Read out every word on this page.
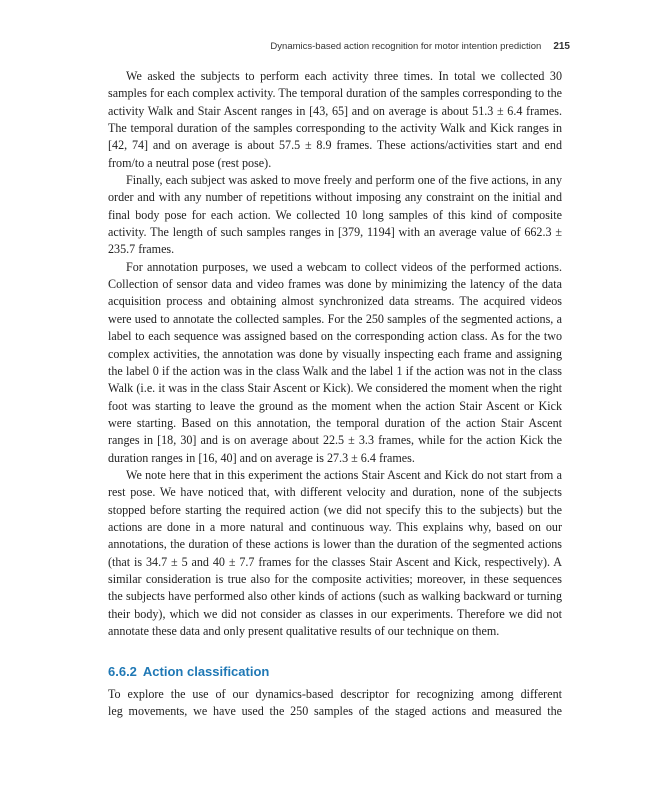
Dynamics-based action recognition for motor intention prediction 215

We asked the subjects to perform each activity three times. In total we collected 30 samples for each complex activity. The temporal duration of the samples corresponding to the activity Walk and Stair Ascent ranges in [43, 65] and on average is about 51.3 ± 6.4 frames. The temporal duration of the samples corresponding to the activity Walk and Kick ranges in [42, 74] and on average is about 57.5 ± 8.9 frames. These actions/activities start and end from/to a neutral pose (rest pose).

Finally, each subject was asked to move freely and perform one of the five actions, in any order and with any number of repetitions without imposing any constraint on the initial and final body pose for each action. We collected 10 long samples of this kind of composite activity. The length of such samples ranges in [379, 1194] with an average value of 662.3 ± 235.7 frames.

For annotation purposes, we used a webcam to collect videos of the performed actions. Collection of sensor data and video frames was done by minimizing the latency of the data acquisition process and obtaining almost synchronized data streams. The acquired videos were used to annotate the collected samples. For the 250 samples of the segmented actions, a label to each sequence was assigned based on the corresponding action class. As for the two complex activities, the annotation was done by visually inspecting each frame and assigning the label 0 if the action was in the class Walk and the label 1 if the action was not in the class Walk (i.e. it was in the class Stair Ascent or Kick). We considered the moment when the right foot was starting to leave the ground as the moment when the action Stair Ascent or Kick were starting. Based on this annotation, the temporal duration of the action Stair Ascent ranges in [18, 30] and is on average about 22.5 ± 3.3 frames, while for the action Kick the duration ranges in [16, 40] and on average is 27.3 ± 6.4 frames.

We note here that in this experiment the actions Stair Ascent and Kick do not start from a rest pose. We have noticed that, with different velocity and duration, none of the subjects stopped before starting the required action (we did not specify this to the subjects) but the actions are done in a more natural and continuous way. This explains why, based on our annotations, the duration of these actions is lower than the duration of the segmented actions (that is 34.7 ± 5 and 40 ± 7.7 frames for the classes Stair Ascent and Kick, respectively). A similar consideration is true also for the composite activities; moreover, in these sequences the subjects have performed also other kinds of actions (such as walking backward or turning their body), which we did not consider as classes in our experiments. Therefore we did not annotate these data and only present qualitative results of our technique on them.

6.6.2 Action classification

To explore the use of our dynamics-based descriptor for recognizing among different
leg movements, we have used the 250 samples of the staged actions and measured the
